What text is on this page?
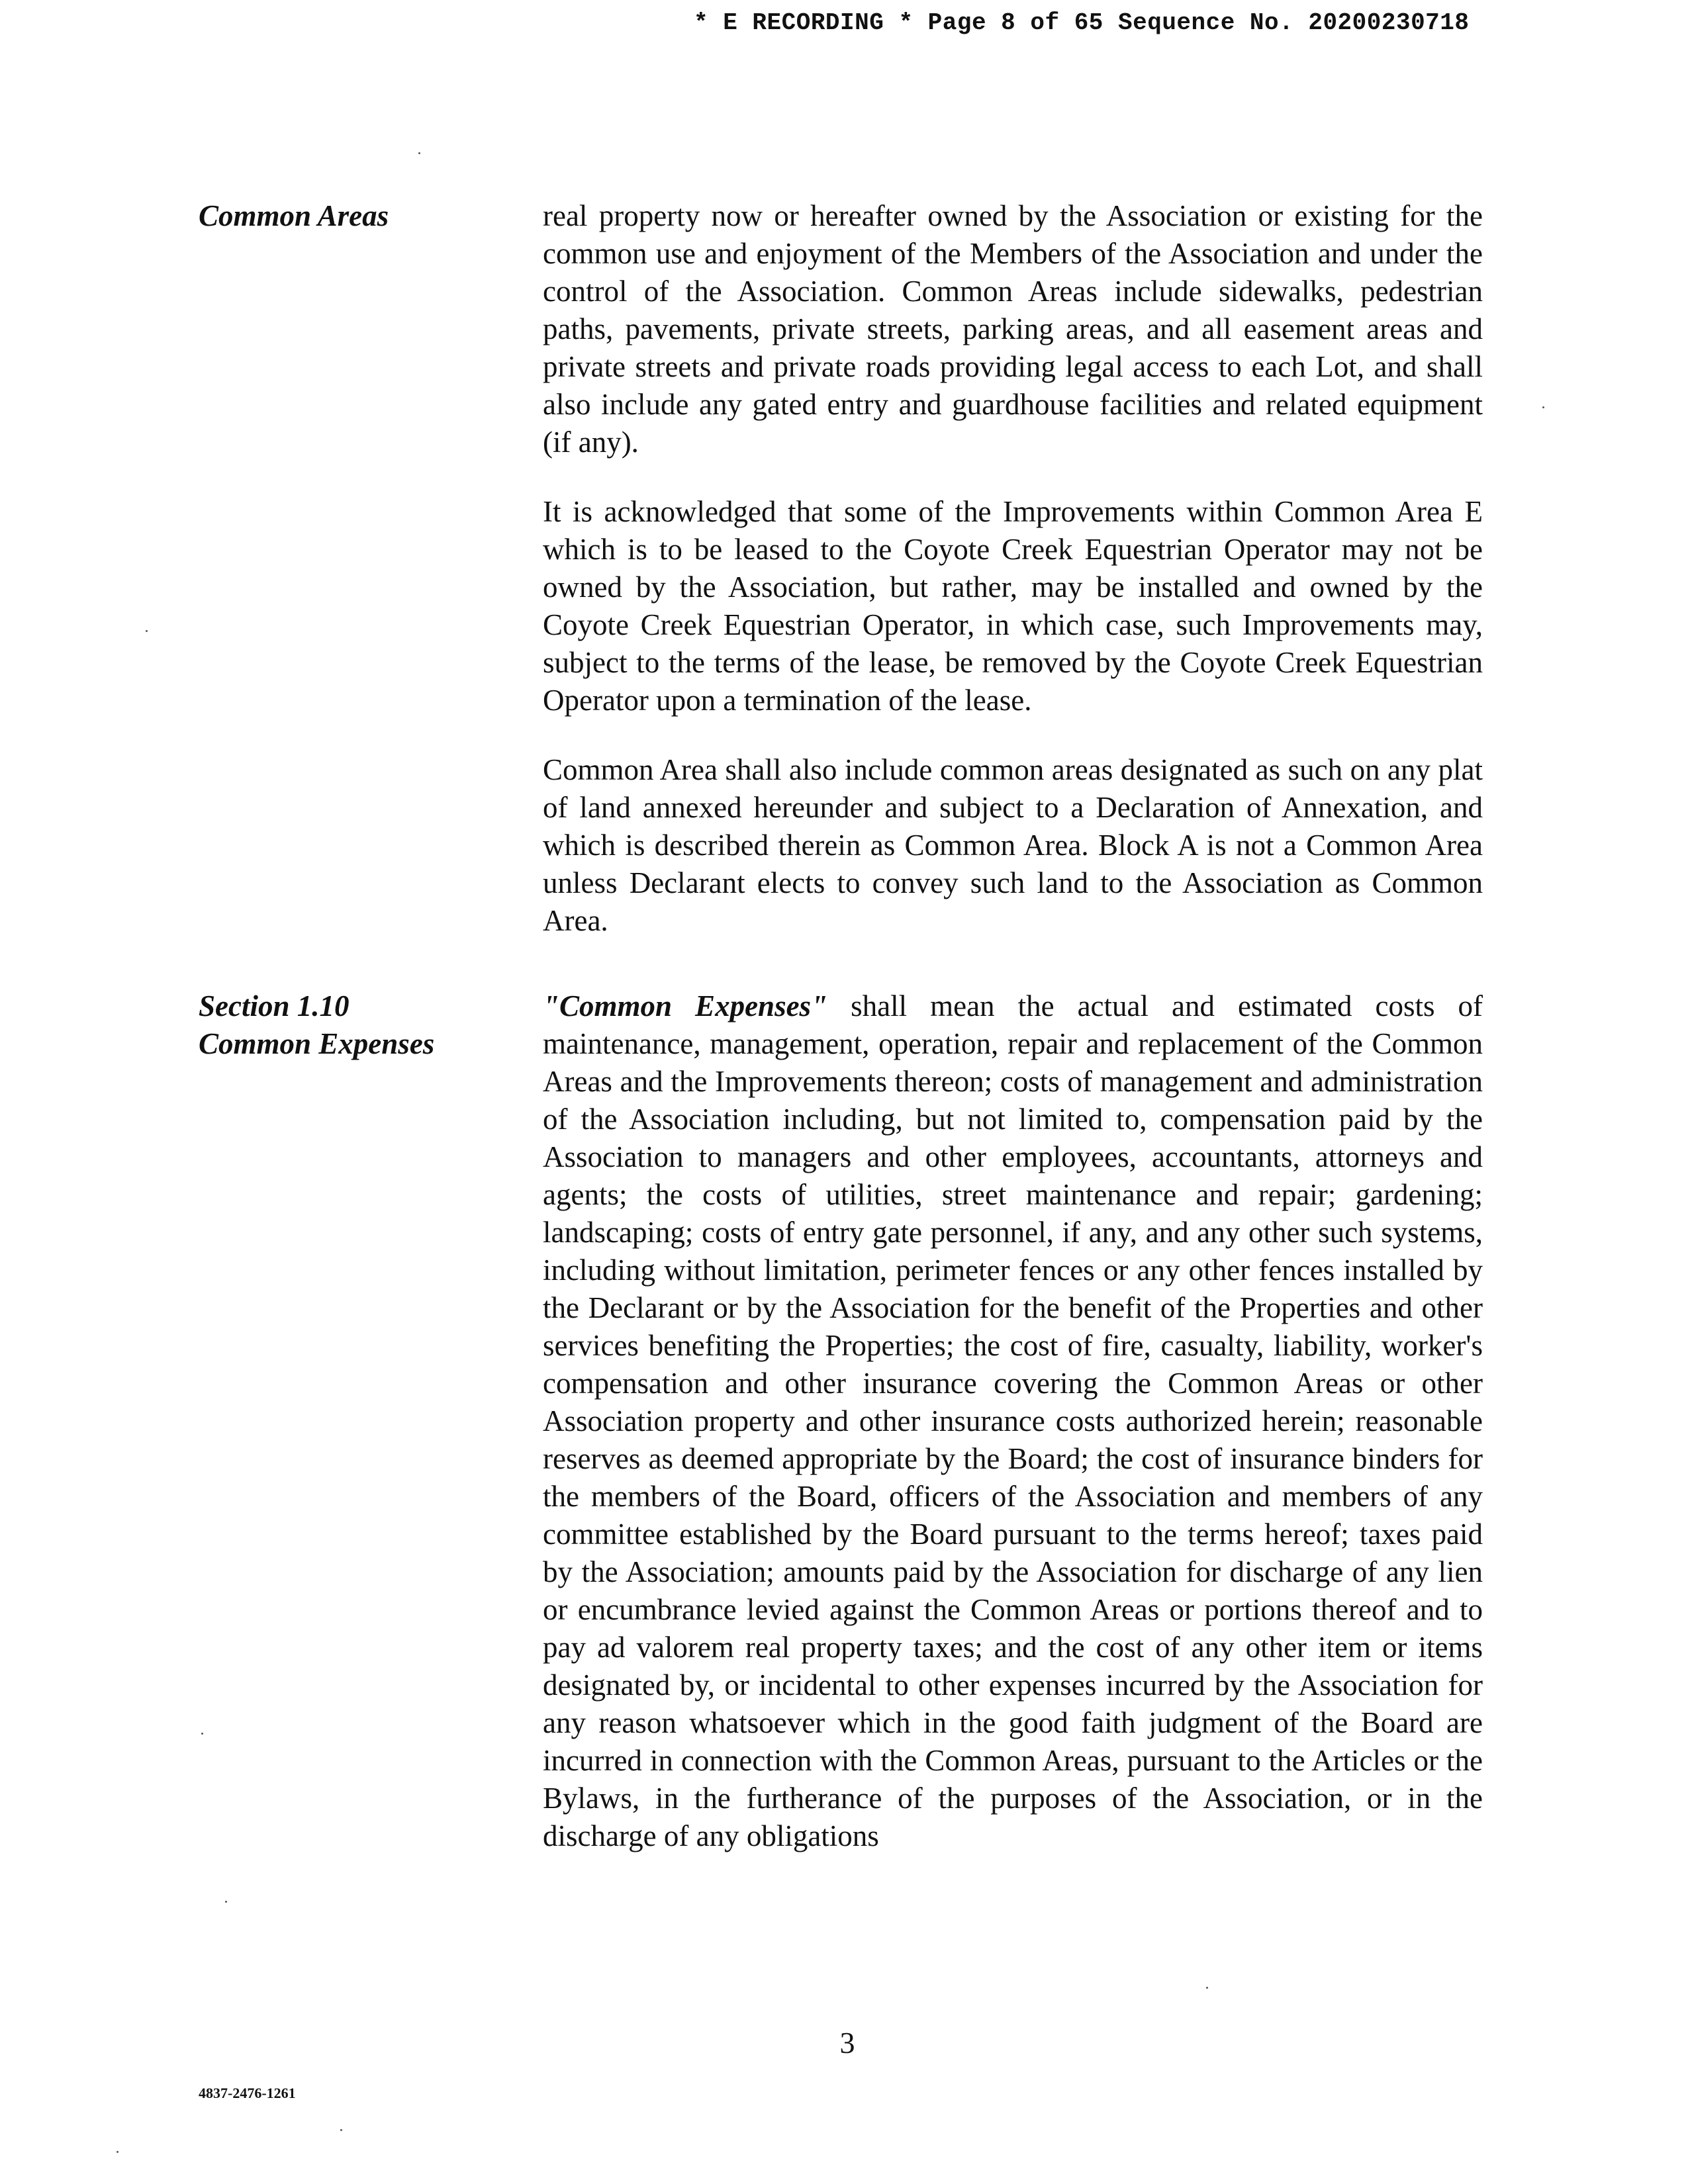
* E RECORDING * Page 8 of 65 Sequence No. 20200230718
Common Areas	real property now or hereafter owned by the Association or existing for the common use and enjoyment of the Members of the Association and under the control of the Association. Common Areas include sidewalks, pedestrian paths, pavements, private streets, parking areas, and all easement areas and private streets and private roads providing legal access to each Lot, and shall also include any gated entry and guardhouse facilities and related equipment (if any).

It is acknowledged that some of the Improvements within Common Area E which is to be leased to the Coyote Creek Equestrian Operator may not be owned by the Association, but rather, may be installed and owned by the Coyote Creek Equestrian Operator, in which case, such Improvements may, subject to the terms of the lease, be removed by the Coyote Creek Equestrian Operator upon a termination of the lease.

Common Area shall also include common areas designated as such on any plat of land annexed hereunder and subject to a Declaration of Annexation, and which is described therein as Common Area. Block A is not a Common Area unless Declarant elects to convey such land to the Association as Common Area.

Section 1.10
Common Expenses

"Common Expenses" shall mean the actual and estimated costs of maintenance, management, operation, repair and replacement of the Common Areas and the Improvements thereon; costs of management and administration of the Association including, but not limited to, compensation paid by the Association to managers and other employees, accountants, attorneys and agents; the costs of utilities, street maintenance and repair; gardening; landscaping; costs of entry gate personnel, if any, and any other such systems, including without limitation, perimeter fences or any other fences installed by the Declarant or by the Association for the benefit of the Properties and other services benefiting the Properties; the cost of fire, casualty, liability, worker's compensation and other insurance covering the Common Areas or other Association property and other insurance costs authorized herein; reasonable reserves as deemed appropriate by the Board; the cost of insurance binders for the members of the Board, officers of the Association and members of any committee established by the Board pursuant to the terms hereof; taxes paid by the Association; amounts paid by the Association for discharge of any lien or encumbrance levied against the Common Areas or portions thereof and to pay ad valorem real property taxes; and the cost of any other item or items designated by, or incidental to other expenses incurred by the Association for any reason whatsoever which in the good faith judgment of the Board are incurred in connection with the Common Areas, pursuant to the Articles or the Bylaws, in the furtherance of the purposes of the Association, or in the discharge of any obligations

3
4837-2476-1261
